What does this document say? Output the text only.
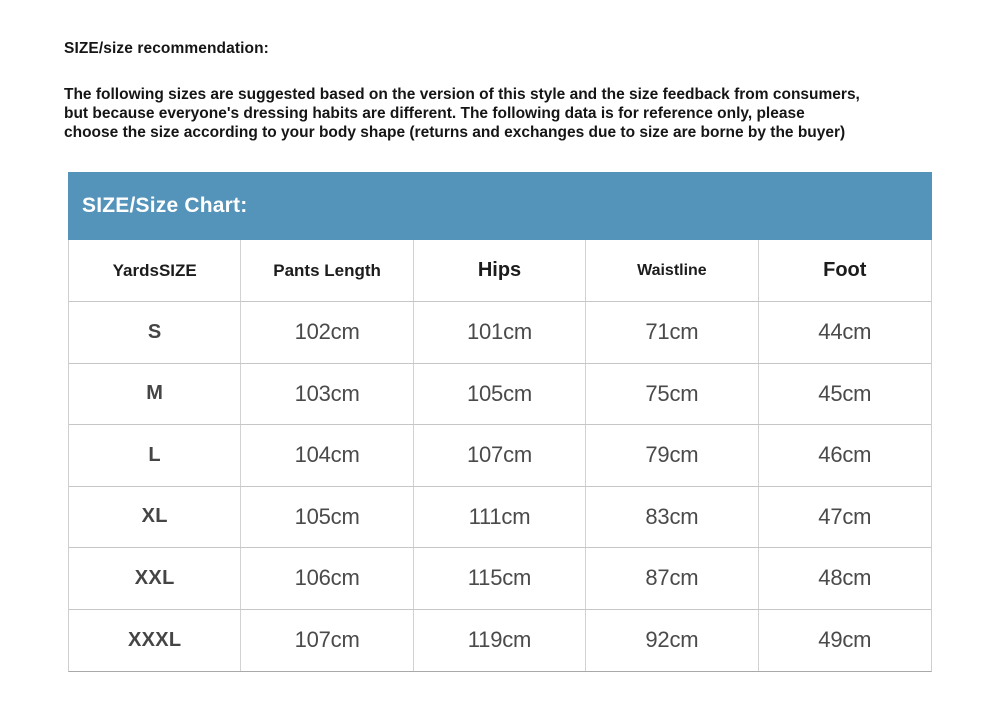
SIZE/size recommendation:
The following sizes are suggested based on the version of this style and the size feedback from consumers,
but because everyone's dressing habits are different. The following data is for reference only, please
choose the size according to your body shape (returns and exchanges due to size are borne by the buyer)
SIZE/Size Chart:
YardsSIZE	Pants Length	Hips	Waistline	Foot
S	102cm	101cm	71cm	44cm
M	103cm	105cm	75cm	45cm
L	104cm	107cm	79cm	46cm
XL	105cm	111cm	83cm	47cm
XXL	106cm	115cm	87cm	48cm
XXXL	107cm	119cm	92cm	49cm
